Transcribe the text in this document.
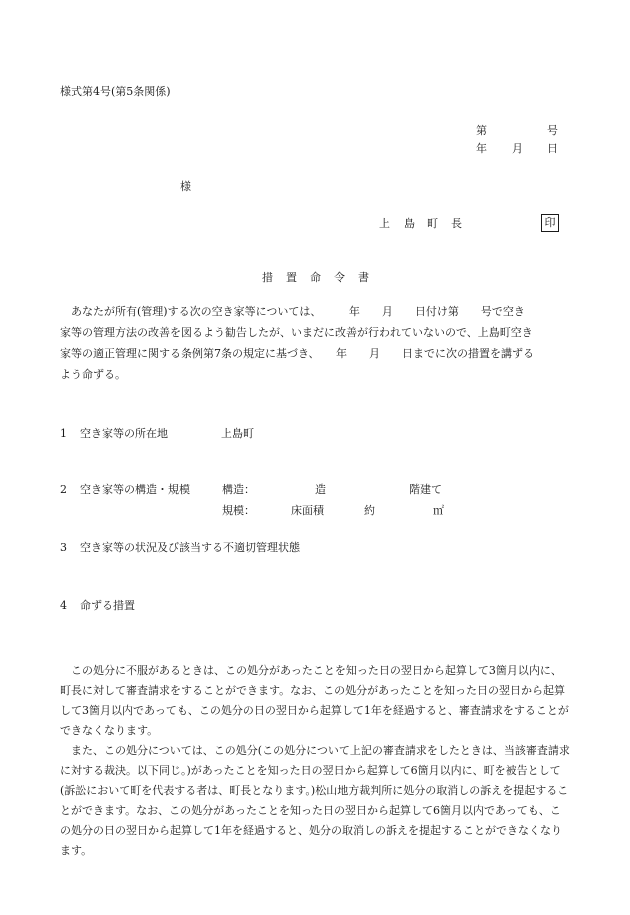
様式第4号(第5条関係)
第	号
年 月 日
様
上 島 町 長	印
措 置 命 令 書
あなたが所有(管理)する次の空き家等については、　　　年　　月　　日付け第　　号で空き
家等の管理方法の改善を図るよう勧告したが、いまだに改善が行われていないので、上島町空き
家等の適正管理に関する条例第7条の規定に基づき、　　年　　月　　日までに次の措置を講ずる
よう命ずる。
1 空き家等の所在地	上島町
2 空き家等の構造・規模	構造：	造	階建て
規模：	床面積	約	㎡
3 空き家等の状況及び該当する不適切管理状態
4 命ずる措置

この処分に不服があるときは、この処分があったことを知った日の翌日から起算して3箇月以内に、町長に対して審査請求をすることができます。なお、この処分があったことを知った日の翌日から起算して3箇月以内であっても、この処分の日の翌日から起算して1年を経過すると、審査請求をすることができなくなります。

また、この処分については、この処分(この処分について上記の審査請求をしたときは、当該審査請求に対する裁決。以下同じ。)があったことを知った日の翌日から起算して6箇月以内に、町を被告として(訴訟において町を代表する者は、町長となります。)松山地方裁判所に処分の取消しの訴えを提起することができます。なお、この処分があったことを知った日の翌日から起算して6箇月以内であっても、この処分の日の翌日から起算して1年を経過すると、処分の取消しの訴えを提起することができなくなります。
